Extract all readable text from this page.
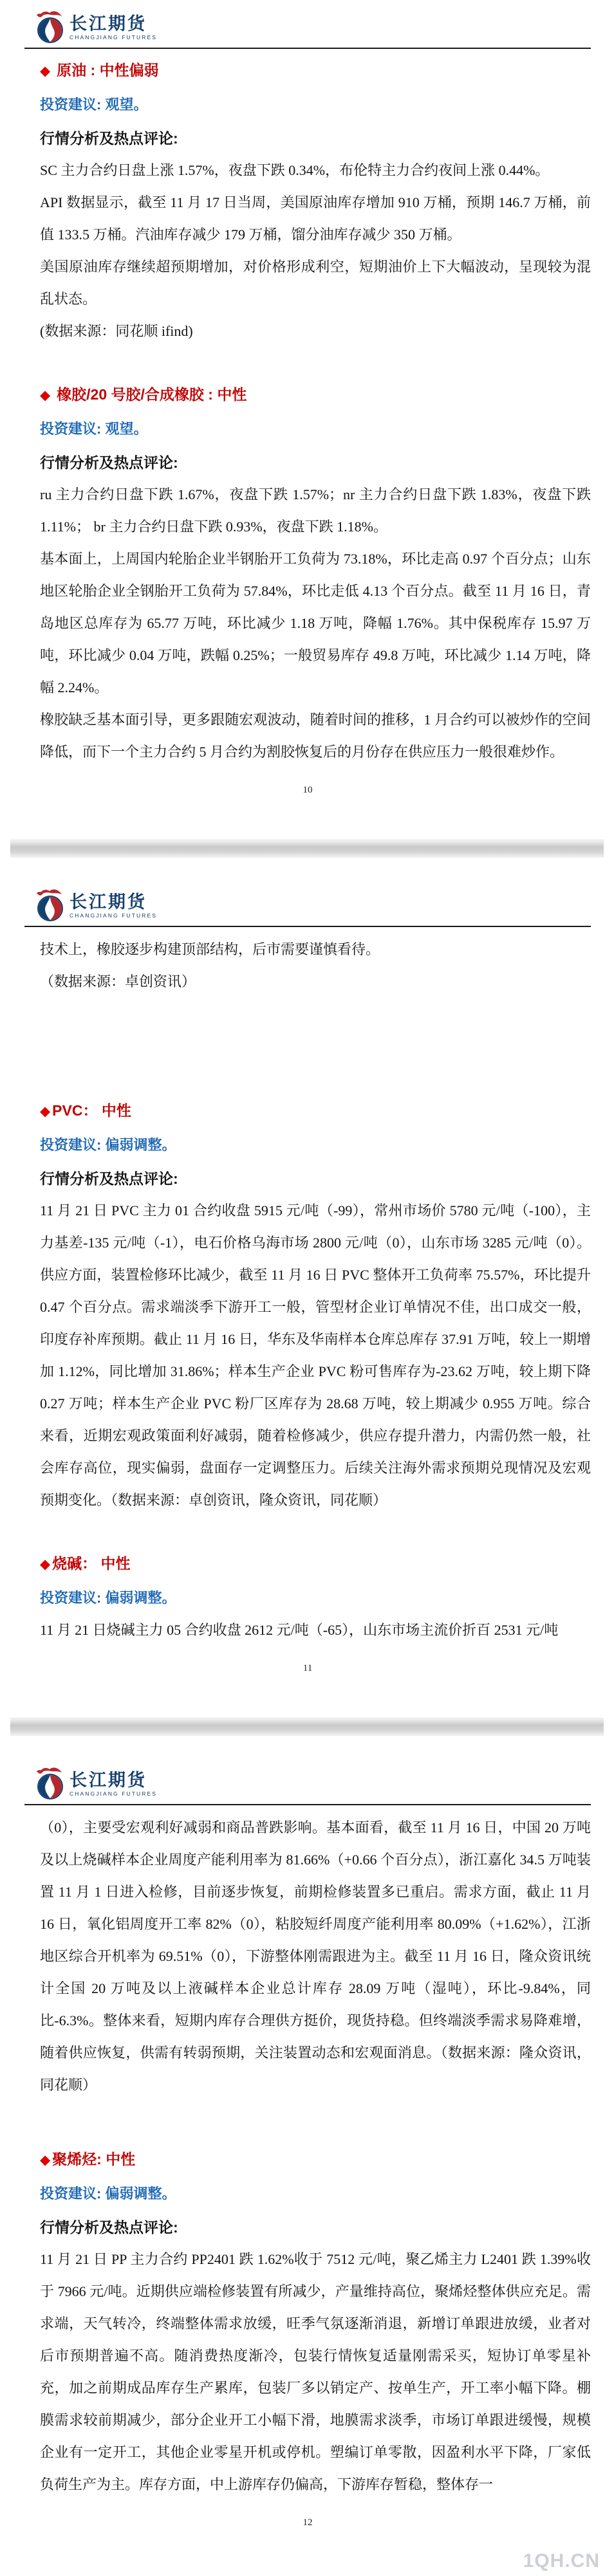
长江期货
CHANGJIANG FUTURES
◆ 原油 : 中性偏弱
投资建议: 观望。
行情分析及热点评论:

SC 主力合约日盘上涨 1.57%，夜盘下跌 0.34%，布伦特主力合约夜间上涨 0.44%。

API 数据显示，截至 11 月 17 日当周，美国原油库存增加 910 万桶，预期 146.7 万桶，前值 133.5 万桶。汽油库存减少 179 万桶，馏分油库存减少 350 万桶。

美国原油库存继续超预期增加，对价格形成利空，短期油价上下大幅波动，呈现较为混乱状态。

(数据来源：同花顺 ifind)

◆ 橡胶/20 号胶/合成橡胶 : 中性
投资建议: 观望。
行情分析及热点评论:

ru 主力合约日盘下跌 1.67%，夜盘下跌 1.57%；nr 主力合约日盘下跌 1.83%，夜盘下跌 1.11%； br 主力合约日盘下跌 0.93%，夜盘下跌 1.18%。

基本面上，上周国内轮胎企业半钢胎开工负荷为 73.18%，环比走高 0.97 个百分点；山东地区轮胎企业全钢胎开工负荷为 57.84%，环比走低 4.13 个百分点。截至 11 月 16 日，青岛地区总库存为 65.77 万吨，环比减少 1.18 万吨，降幅 1.76%。其中保税库存 15.97 万吨，环比减少 0.04 万吨，跌幅 0.25%；一般贸易库存 49.8 万吨，环比减少 1.14 万吨，降幅 2.24%。

橡胶缺乏基本面引导，更多跟随宏观波动，随着时间的推移，1 月合约可以被炒作的空间降低，而下一个主力合约 5 月合约为割胶恢复后的月份存在供应压力一般很难炒作。

10
长江期货
CHANGJIANG FUTURES

技术上，橡胶逐步构建顶部结构，后市需要谨慎看待。

（数据来源：卓创资讯）

◆ PVC： 中性
投资建议: 偏弱调整。
行情分析及热点评论:

11 月 21 日 PVC 主力 01 合约收盘 5915 元/吨（-99），常州市场价 5780 元/吨（-100），主力基差-135 元/吨（-1），电石价格乌海市场 2800 元/吨（0），山东市场 3285 元/吨（0）。供应方面，装置检修环比减少，截至 11 月 16 日 PVC 整体开工负荷率 75.57%，环比提升 0.47 个百分点。需求端淡季下游开工一般，管型材企业订单情况不佳，出口成交一般，印度存补库预期。截止 11 月 16 日，华东及华南样本仓库总库存 37.91 万吨，较上一期增加 1.12%，同比增加 31.86%；样本生产企业 PVC 粉可售库存为-23.62 万吨，较上期下降 0.27 万吨；样本生产企业 PVC 粉厂区库存为 28.68 万吨，较上期减少 0.955 万吨。综合来看，近期宏观政策面利好减弱，随着检修减少，供应存提升潜力，内需仍然一般，社会库存高位，现实偏弱，盘面存一定调整压力。后续关注海外需求预期兑现情况及宏观预期变化。（数据来源：卓创资讯，隆众资讯，同花顺）

◆ 烧碱： 中性
投资建议: 偏弱调整。

11 月 21 日烧碱主力 05 合约收盘 2612 元/吨（-65），山东市场主流价折百 2531 元/吨

11
长江期货
CHANGJIANG FUTURES

（0），主要受宏观利好减弱和商品普跌影响。基本面看，截至 11 月 16 日，中国 20 万吨及以上烧碱样本企业周度产能利用率为 81.66%（+0.66 个百分点），浙江嘉化 34.5 万吨装置 11 月 1 日进入检修，目前逐步恢复，前期检修装置多已重启。需求方面，截止 11 月 16 日，氧化铝周度开工率 82%（0），粘胶短纤周度产能利用率 80.09%（+1.62%），江浙地区综合开机率为 69.51%（0），下游整体刚需跟进为主。截至 11 月 16 日，隆众资讯统计全国 20 万吨及以上液碱样本企业总计库存 28.09 万吨（湿吨），环比-9.84%，同比-6.3%。整体来看，短期内库存合理供方挺价，现货持稳。但终端淡季需求易降难增，随着供应恢复，供需有转弱预期，关注装置动态和宏观面消息。（数据来源：隆众资讯，同花顺）

◆ 聚烯烃: 中性
投资建议: 偏弱调整。
行情分析及热点评论:

11 月 21 日 PP 主力合约 PP2401 跌 1.62%收于 7512 元/吨，聚乙烯主力 L2401 跌 1.39%收于 7966 元/吨。近期供应端检修装置有所减少，产量维持高位，聚烯烃整体供应充足。需求端，天气转冷，终端整体需求放缓，旺季气氛逐渐消退，新增订单跟进放缓，业者对后市预期普遍不高。随消费热度渐冷，包装行情恢复适量刚需采买，短协订单零星补充，加之前期成品库存生产累库，包装厂多以销定产、按单生产，开工率小幅下降。棚膜需求较前期减少，部分企业开工小幅下滑，地膜需求淡季，市场订单跟进缓慢，规模企业有一定开工，其他企业零星开机或停机。塑编订单零散，因盈利水平下降，厂家低负荷生产为主。库存方面，中上游库存仍偏高，下游库存暂稳，整体存一

12
1QH.CN
